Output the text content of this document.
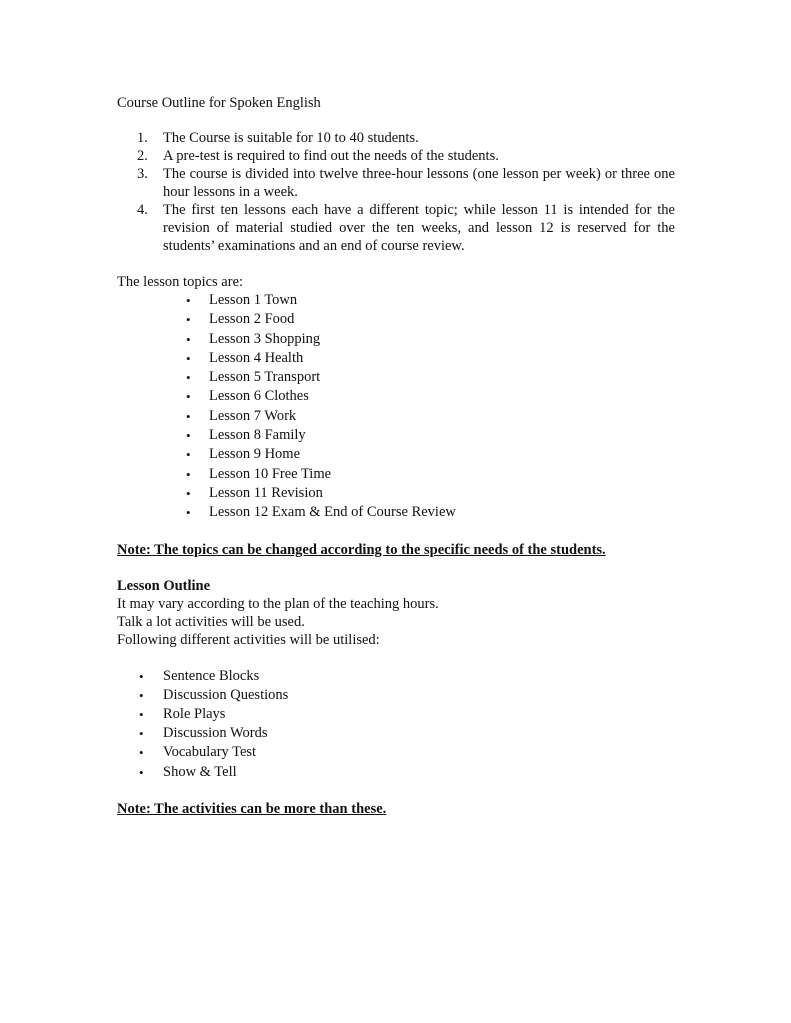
Course Outline for Spoken English

1. The Course is suitable for 10 to 40 students.
2. A pre-test is required to find out the needs of the students.
3. The course is divided into twelve three-hour lessons (one lesson per week) or three one hour lessons in a week.
4. The first ten lessons each have a different topic; while lesson 11 is intended for the revision of material studied over the ten weeks, and lesson 12 is reserved for the students’ examinations and an end of course review.

The lesson topics are:

• Lesson 1 Town
• Lesson 2 Food
• Lesson 3 Shopping
• Lesson 4 Health
• Lesson 5 Transport
• Lesson 6 Clothes
• Lesson 7 Work
• Lesson 8 Family
• Lesson 9 Home
• Lesson 10 Free Time
• Lesson 11 Revision
• Lesson 12 Exam & End of Course Review

Note: The topics can be changed according to the specific needs of the students.

Lesson Outline

It may vary according to the plan of the teaching hours.

Talk a lot activities will be used.

Following different activities will be utilised:

• Sentence Blocks
• Discussion Questions
• Role Plays
• Discussion Words
• Vocabulary Test
• Show & Tell

Note: The activities can be more than these.
